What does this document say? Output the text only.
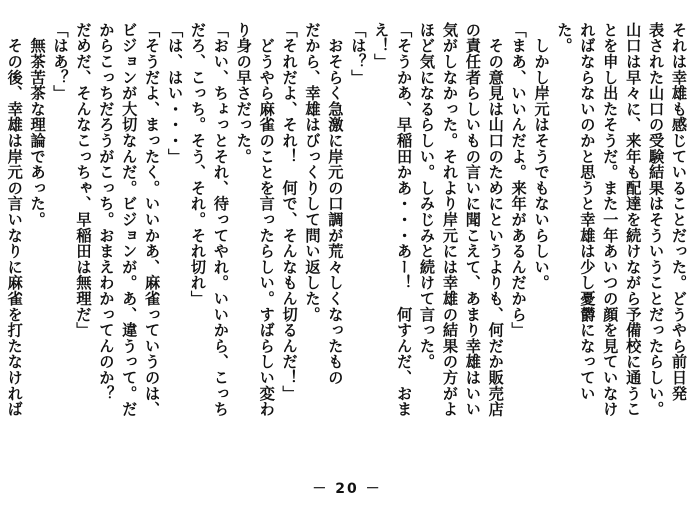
それは幸雄も感じていることだった。どうやら前日発
表された山口の受験結果はそういうことだったらしい。
山口は早々に、来年も配達を続けながら予備校に通うこ
とを申し出たそうだ。また一年あいつの顔を見ていなけ
ればならないのかと思うと幸雄は少し憂欝になってい
た。
　しかし岸元はそうでもないらしい。
「まあ、いいんだよ。来年があるんだから」
　その意見は山口のためにというよりも、何だか販売店
の責任者らしいもの言いに聞こえて、あまり幸雄はいい
気がしなかった。それより岸元には幸雄の結果の方がよ
ほど気になるらしい。しみじみと続けて言った。
「そうかあ、早稲田かあ・・・あー！　何すんだ、おま
え！」
「は？」
　おそらく急激に岸元の口調が荒々しくなったもの
だから、幸雄はびっくりして問い返した。
「それだよ、それ！　何で、そんなもん切るんだ！」
　どうやら麻雀のことを言ったらしい。すばらしい変わ
り身の早さだった。
「おい、ちょっとそれ、待ってやれ。いいから、こっち
だろ、こっち。そう、それ。それ切れ」
「は、はい・・・」
「そうだよ、まったく。いいかあ、麻雀っていうのは、
ビジョンが大切なんだ。ビジョンが。あ、違うって。だ
からこっちだろうがこっち。おまえわかってんのか？
だめだ、そんなこっちゃ、早稲田は無理だ」
「はあ？」
　無茶苦茶な理論であった。
　その後、幸雄は岸元の言いなりに麻雀を打たなければ
－ 20 －
